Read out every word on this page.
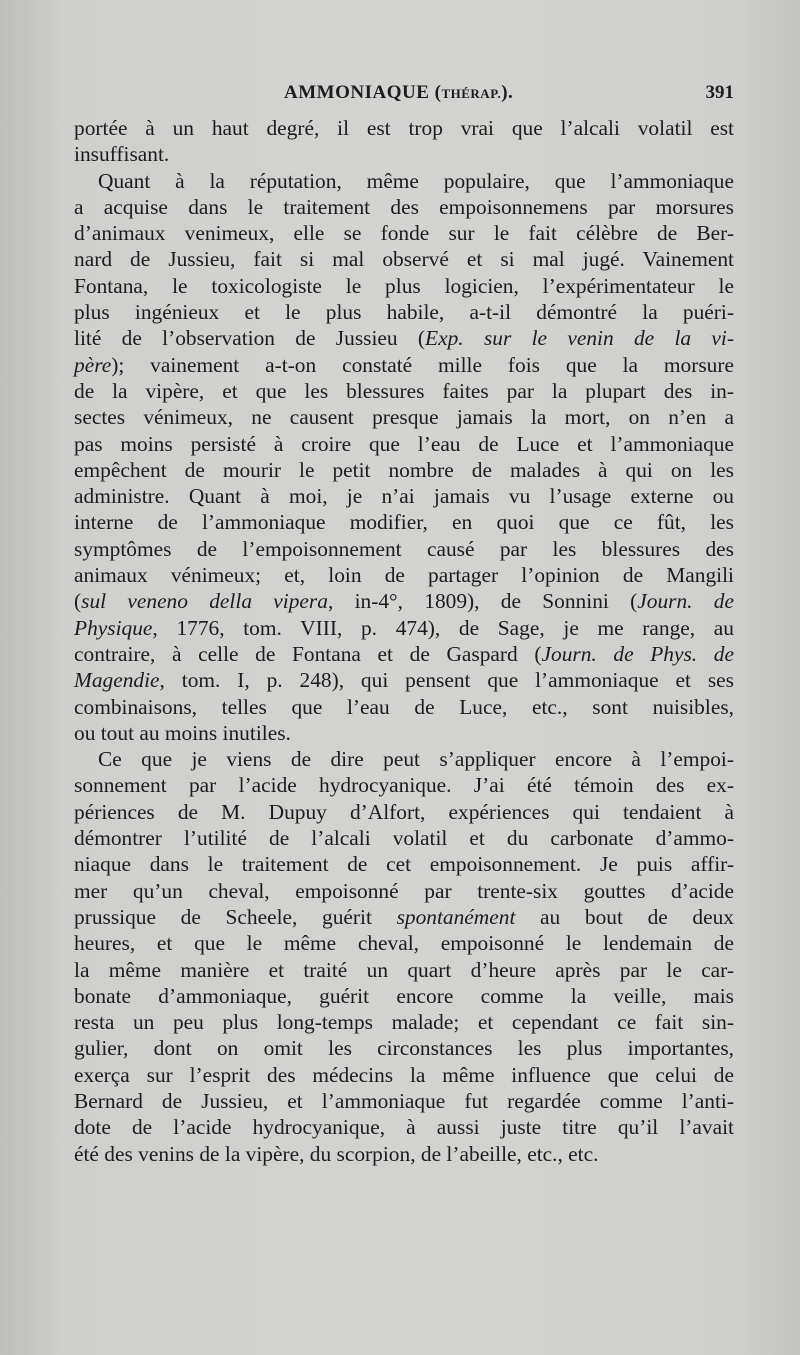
AMMONIAQUE (THÉRAP.).	391
portée à un haut degré, il est trop vrai que l’alcali volatil est
insuffisant.
Quant à la réputation, même populaire, que l’ammoniaque
a acquise dans le traitement des empoisonnemens par morsures
d’animaux venimeux, elle se fonde sur le fait célèbre de Ber-
nard de Jussieu, fait si mal observé et si mal jugé. Vainement
Fontana, le toxicologiste le plus logicien, l’expérimentateur le
plus ingénieux et le plus habile, a-t-il démontré la puéri-
lité de l’observation de Jussieu (Exp. sur le venin de la vi-
père); vainement a-t-on constaté mille fois que la morsure
de la vipère, et que les blessures faites par la plupart des in-
sectes vénimeux, ne causent presque jamais la mort, on n’en a
pas moins persisté à croire que l’eau de Luce et l’ammoniaque
empêchent de mourir le petit nombre de malades à qui on les
administre. Quant à moi, je n’ai jamais vu l’usage externe ou
interne de l’ammoniaque modifier, en quoi que ce fût, les
symptômes de l’empoisonnement causé par les blessures des
animaux vénimeux; et, loin de partager l’opinion de Mangili
(sul veneno della vipera, in-4°, 1809), de Sonnini (Journ. de
Physique, 1776, tom. VIII, p. 474), de Sage, je me range, au
contraire, à celle de Fontana et de Gaspard (Journ. de Phys. de
Magendie, tom. I, p. 248), qui pensent que l’ammoniaque et ses
combinaisons, telles que l’eau de Luce, etc., sont nuisibles,
ou tout au moins inutiles.
Ce que je viens de dire peut s’appliquer encore à l’empoi-
sonnement par l’acide hydrocyanique. J’ai été témoin des ex-
périences de M. Dupuy d’Alfort, expériences qui tendaient à
démontrer l’utilité de l’alcali volatil et du carbonate d’ammo-
niaque dans le traitement de cet empoisonnement. Je puis affir-
mer qu’un cheval, empoisonné par trente-six gouttes d’acide
prussique de Scheele, guérit spontanément au bout de deux
heures, et que le même cheval, empoisonné le lendemain de
la même manière et traité un quart d’heure après par le car-
bonate d’ammoniaque, guérit encore comme la veille, mais
resta un peu plus long-temps malade; et cependant ce fait sin-
gulier, dont on omit les circonstances les plus importantes,
exerça sur l’esprit des médecins la même influence que celui de
Bernard de Jussieu, et l’ammoniaque fut regardée comme l’anti-
dote de l’acide hydrocyanique, à aussi juste titre qu’il l’avait
été des venins de la vipère, du scorpion, de l’abeille, etc., etc.
